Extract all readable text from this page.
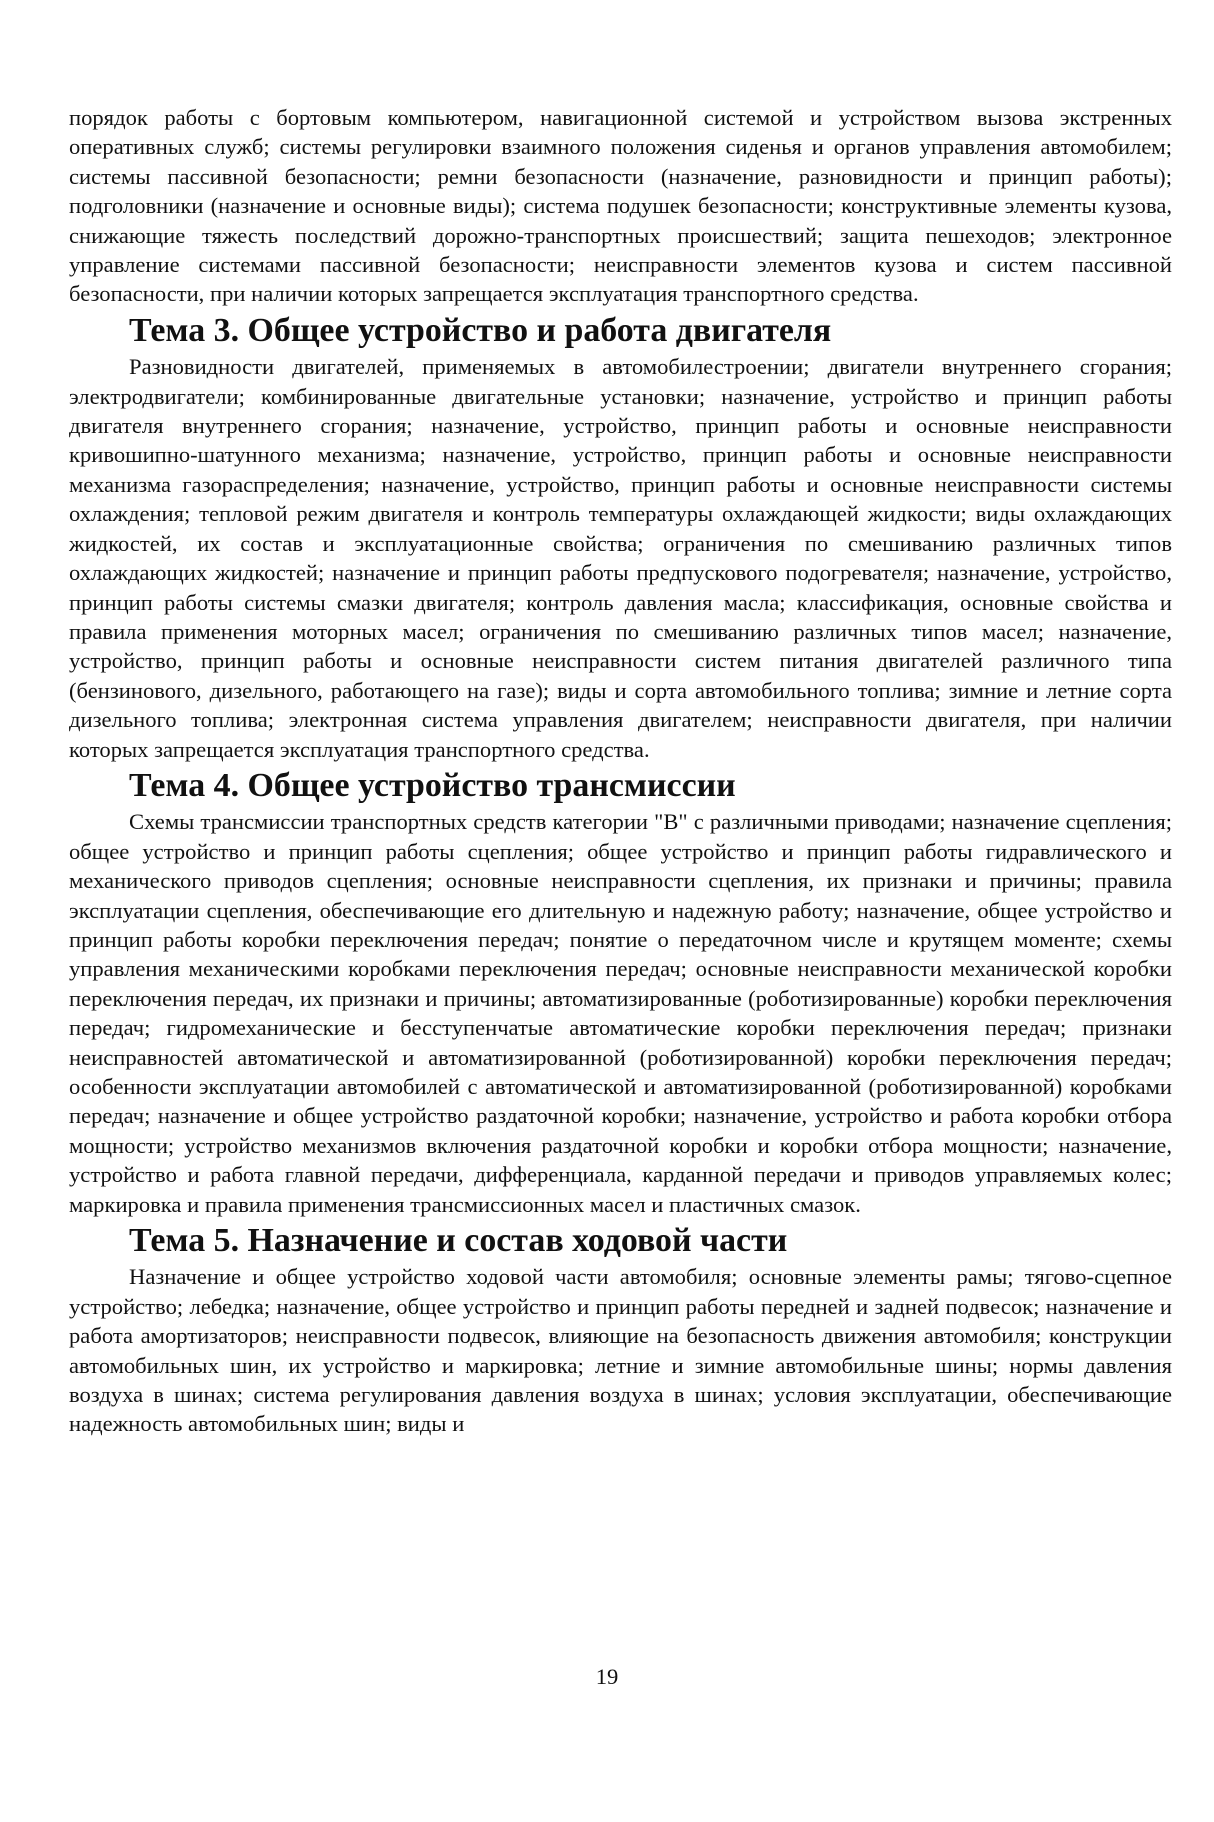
порядок работы с бортовым компьютером, навигационной системой и устройством вызова экстренных оперативных служб; системы регулировки взаимного положения сиденья и органов управления автомобилем; системы пассивной безопасности; ремни безопасности (назначение, разновидности и принцип работы); подголовники (назначение и основные виды); система подушек безопасности; конструктивные элементы кузова, снижающие тяжесть последствий дорожно-транспортных происшествий; защита пешеходов; электронное управление системами пассивной безопасности; неисправности элементов кузова и систем пассивной безопасности, при наличии которых запрещается эксплуатация транспортного средства.

Тема 3. Общее устройство и работа двигателя

Разновидности двигателей, применяемых в автомобилестроении; двигатели внутреннего сгорания; электродвигатели; комбинированные двигательные установки; назначение, устройство и принцип работы двигателя внутреннего сгорания; назначение, устройство, принцип работы и основные неисправности кривошипно-шатунного механизма; назначение, устройство, принцип работы и основные неисправности механизма газораспределения; назначение, устройство, принцип работы и основные неисправности системы охлаждения; тепловой режим двигателя и контроль температуры охлаждающей жидкости; виды охлаждающих жидкостей, их состав и эксплуатационные свойства; ограничения по смешиванию различных типов охлаждающих жидкостей; назначение и принцип работы предпускового подогревателя; назначение, устройство, принцип работы системы смазки двигателя; контроль давления масла; классификация, основные свойства и правила применения моторных масел; ограничения по смешиванию различных типов масел; назначение, устройство, принцип работы и основные неисправности систем питания двигателей различного типа (бензинового, дизельного, работающего на газе); виды и сорта автомобильного топлива; зимние и летние сорта дизельного топлива; электронная система управления двигателем; неисправности двигателя, при наличии которых запрещается эксплуатация транспортного средства.

Тема 4. Общее устройство трансмиссии

Схемы трансмиссии транспортных средств категории "B" с различными приводами; назначение сцепления; общее устройство и принцип работы сцепления; общее устройство и принцип работы гидравлического и механического приводов сцепления; основные неисправности сцепления, их признаки и причины; правила эксплуатации сцепления, обеспечивающие его длительную и надежную работу; назначение, общее устройство и принцип работы коробки переключения передач; понятие о передаточном числе и крутящем моменте; схемы управления механическими коробками переключения передач; основные неисправности механической коробки переключения передач, их признаки и причины; автоматизированные (роботизированные) коробки переключения передач; гидромеханические и бесступенчатые автоматические коробки переключения передач; признаки неисправностей автоматической и автоматизированной (роботизированной) коробки переключения передач; особенности эксплуатации автомобилей с автоматической и автоматизированной (роботизированной) коробками передач; назначение и общее устройство раздаточной коробки; назначение, устройство и работа коробки отбора мощности; устройство механизмов включения раздаточной коробки и коробки отбора мощности; назначение, устройство и работа главной передачи, дифференциала, карданной передачи и приводов управляемых колес; маркировка и правила применения трансмиссионных масел и пластичных смазок.

Тема 5. Назначение и состав ходовой части

Назначение и общее устройство ходовой части автомобиля; основные элементы рамы; тягово-сцепное устройство; лебедка; назначение, общее устройство и принцип работы передней и задней подвесок; назначение и работа амортизаторов; неисправности подвесок, влияющие на безопасность движения автомобиля; конструкции автомобильных шин, их устройство и маркировка; летние и зимние автомобильные шины; нормы давления воздуха в шинах; система регулирования давления воздуха в шинах; условия эксплуатации, обеспечивающие надежность автомобильных шин; виды и

19
